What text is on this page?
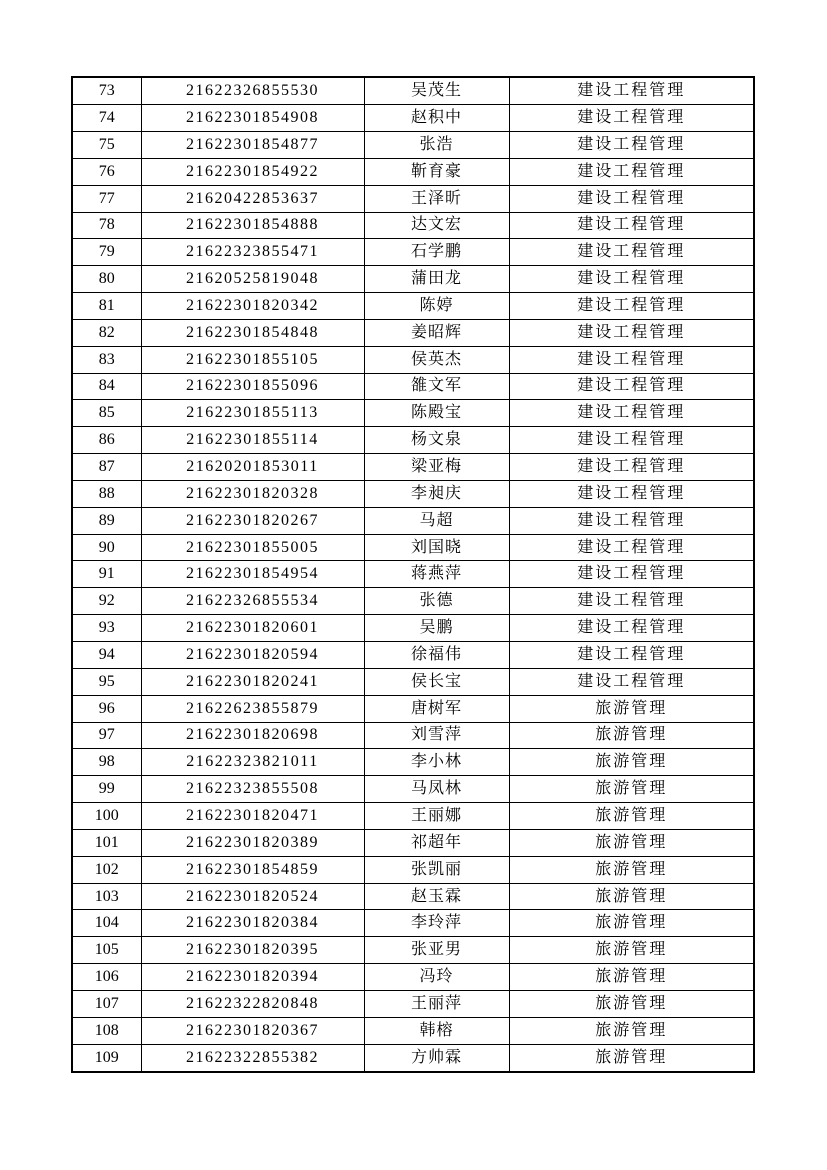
73	21622326855530	吴茂生	建设工程管理
74	21622301854908	赵积中	建设工程管理
75	21622301854877	张浩	建设工程管理
76	21622301854922	靳育豪	建设工程管理
77	21620422853637	王泽昕	建设工程管理
78	21622301854888	达文宏	建设工程管理
79	21622323855471	石学鹏	建设工程管理
80	21620525819048	蒲田龙	建设工程管理
81	21622301820342	陈婷	建设工程管理
82	21622301854848	姜昭辉	建设工程管理
83	21622301855105	侯英杰	建设工程管理
84	21622301855096	雒文军	建设工程管理
85	21622301855113	陈殿宝	建设工程管理
86	21622301855114	杨文泉	建设工程管理
87	21620201853011	梁亚梅	建设工程管理
88	21622301820328	李昶庆	建设工程管理
89	21622301820267	马超	建设工程管理
90	21622301855005	刘国晓	建设工程管理
91	21622301854954	蒋燕萍	建设工程管理
92	21622326855534	张德	建设工程管理
93	21622301820601	吴鹏	建设工程管理
94	21622301820594	徐福伟	建设工程管理
95	21622301820241	侯长宝	建设工程管理
96	21622623855879	唐树军	旅游管理
97	21622301820698	刘雪萍	旅游管理
98	21622323821011	李小林	旅游管理
99	21622323855508	马凤林	旅游管理
100	21622301820471	王丽娜	旅游管理
101	21622301820389	祁超年	旅游管理
102	21622301854859	张凯丽	旅游管理
103	21622301820524	赵玉霖	旅游管理
104	21622301820384	李玲萍	旅游管理
105	21622301820395	张亚男	旅游管理
106	21622301820394	冯玲	旅游管理
107	21622322820848	王丽萍	旅游管理
108	21622301820367	韩榕	旅游管理
109	21622322855382	方帅霖	旅游管理
